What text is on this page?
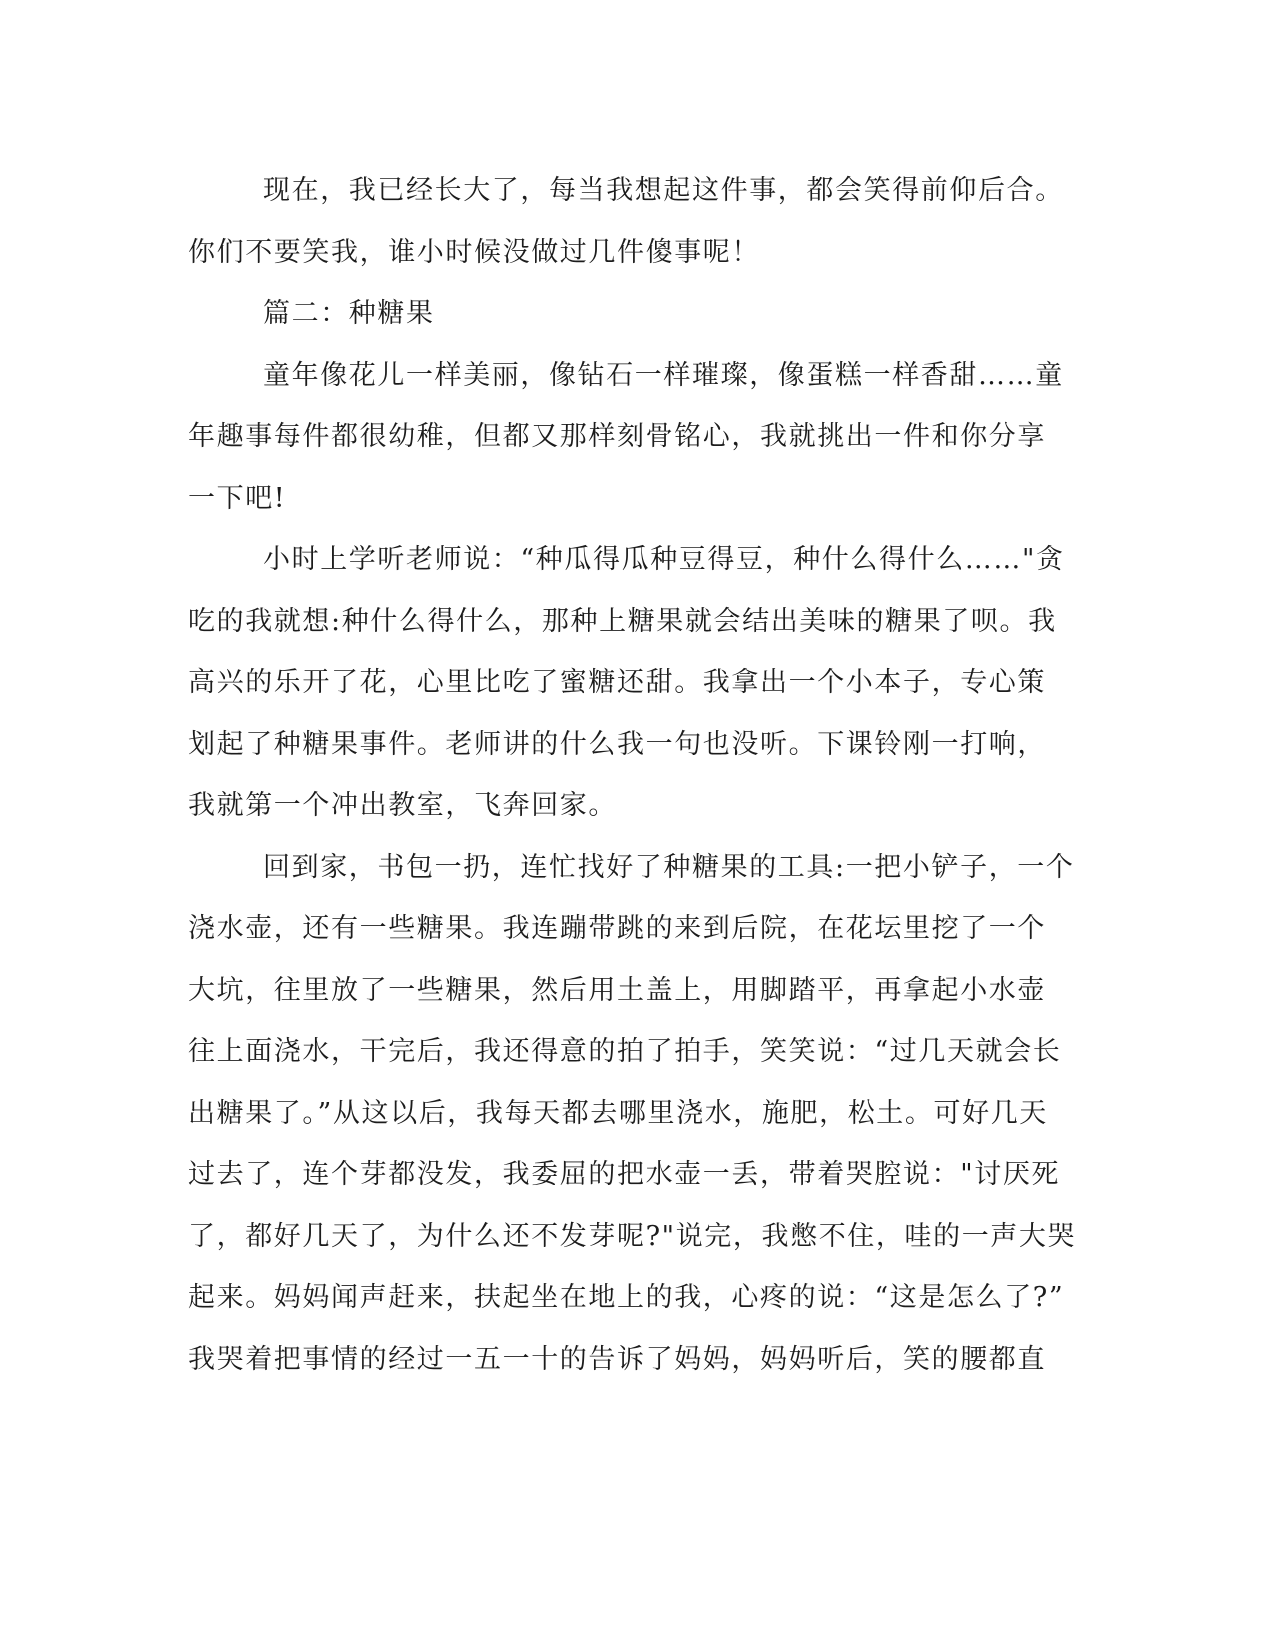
现在，我已经长大了，每当我想起这件事，都会笑得前仰后合。
你们不要笑我，谁小时候没做过几件傻事呢！
篇二：种糖果
童年像花儿一样美丽，像钻石一样璀璨，像蛋糕一样香甜……童
年趣事每件都很幼稚，但都又那样刻骨铭心，我就挑出一件和你分享
一下吧!
小时上学听老师说：“种瓜得瓜种豆得豆，种什么得什么……"贪
吃的我就想:种什么得什么，那种上糖果就会结出美味的糖果了呗。我
高兴的乐开了花，心里比吃了蜜糖还甜。我拿出一个小本子，专心策
划起了种糖果事件。老师讲的什么我一句也没听。下课铃刚一打响，
我就第一个冲出教室，飞奔回家。
回到家，书包一扔，连忙找好了种糖果的工具:一把小铲子，一个
浇水壶，还有一些糖果。我连蹦带跳的来到后院，在花坛里挖了一个
大坑，往里放了一些糖果，然后用土盖上，用脚踏平，再拿起小水壶
往上面浇水，干完后，我还得意的拍了拍手，笑笑说：“过几天就会长
出糖果了。”从这以后，我每天都去哪里浇水，施肥，松土。可好几天
过去了，连个芽都没发，我委屈的把水壶一丢，带着哭腔说："讨厌死
了，都好几天了，为什么还不发芽呢?"说完，我憋不住，哇的一声大哭
起来。妈妈闻声赶来，扶起坐在地上的我，心疼的说：“这是怎么了?”
我哭着把事情的经过一五一十的告诉了妈妈，妈妈听后，笑的腰都直
